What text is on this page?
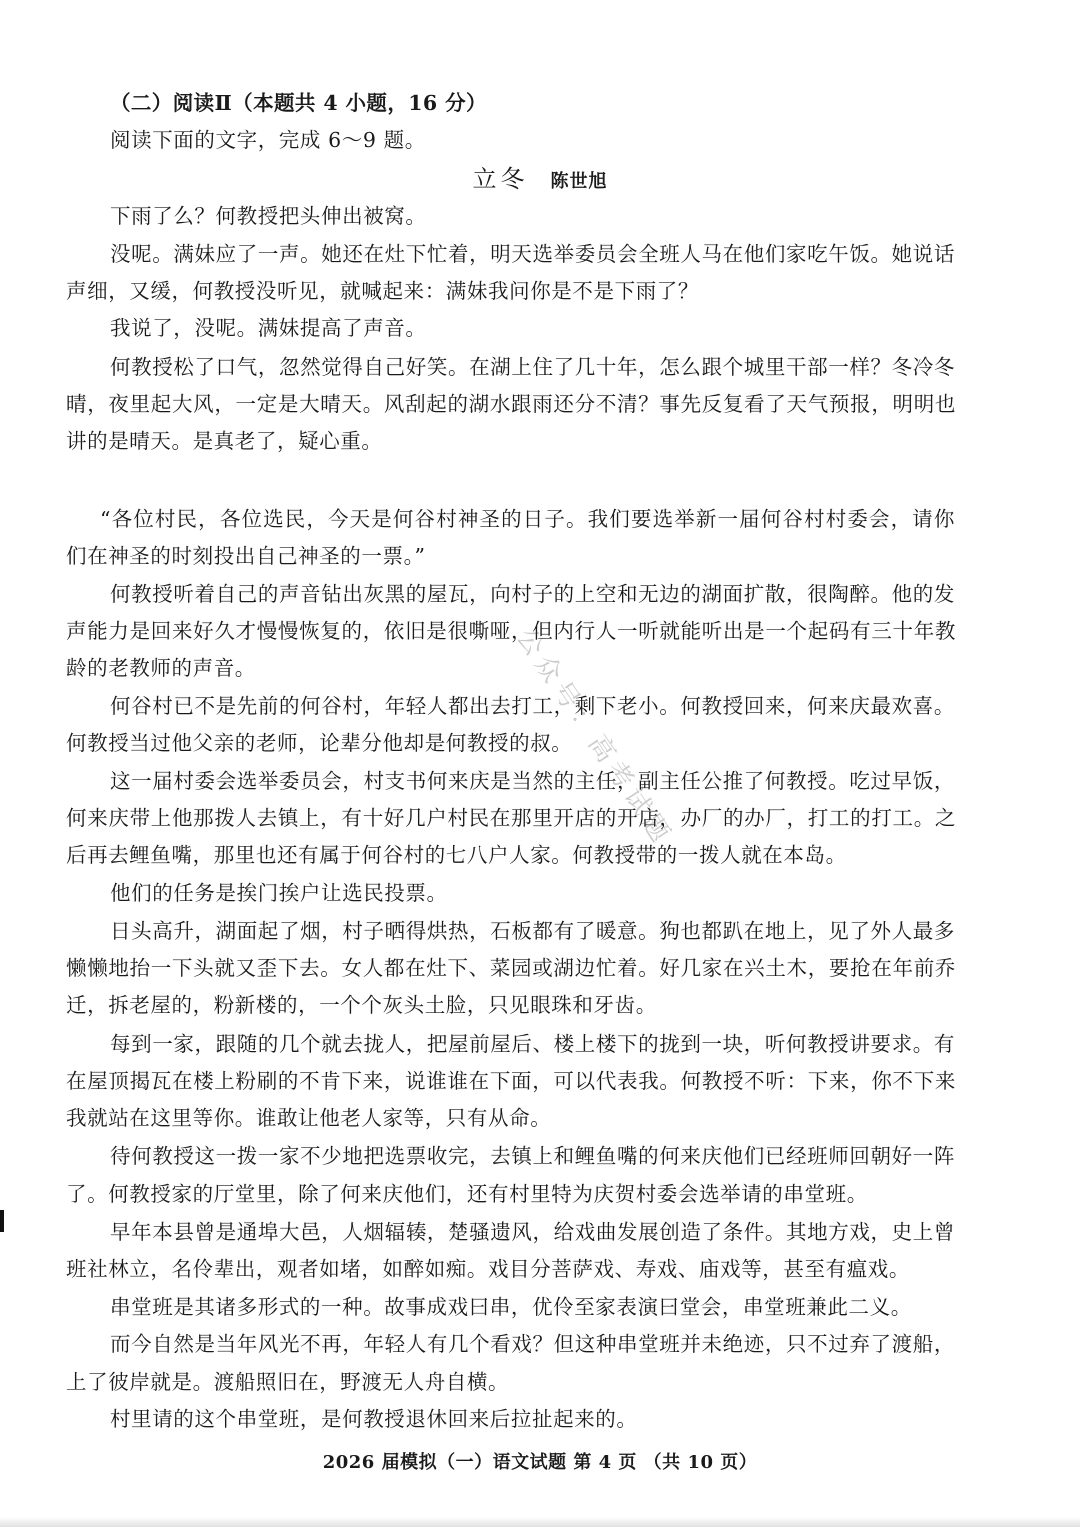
（二）阅读Ⅱ（本题共 4 小题，16 分）
阅读下面的文字，完成 6～9 题。
立冬 陈世旭
下雨了么？何教授把头伸出被窝。
没呢。满妹应了一声。她还在灶下忙着，明天选举委员会全班人马在他们家吃午饭。她说话
声细，又缓，何教授没听见，就喊起来：满妹我问你是不是下雨了？
我说了，没呢。满妹提高了声音。
何教授松了口气，忽然觉得自己好笑。在湖上住了几十年，怎么跟个城里干部一样？冬冷冬
晴，夜里起大风，一定是大晴天。风刮起的湖水跟雨还分不清？事先反复看了天气预报，明明也
讲的是晴天。是真老了，疑心重。
“各位村民，各位选民，今天是何谷村神圣的日子。我们要选举新一届何谷村村委会，请你
们在神圣的时刻投出自己神圣的一票。”
何教授听着自己的声音钻出灰黑的屋瓦，向村子的上空和无边的湖面扩散，很陶醉。他的发
声能力是回来好久才慢慢恢复的，依旧是很嘶哑，但内行人一听就能听出是一个起码有三十年教
龄的老教师的声音。
何谷村已不是先前的何谷村，年轻人都出去打工，剩下老小。何教授回来，何来庆最欢喜。
何教授当过他父亲的老师，论辈分他却是何教授的叔。
这一届村委会选举委员会，村支书何来庆是当然的主任，副主任公推了何教授。吃过早饭，
何来庆带上他那拨人去镇上，有十好几户村民在那里开店的开店，办厂的办厂，打工的打工。之
后再去鲤鱼嘴，那里也还有属于何谷村的七八户人家。何教授带的一拨人就在本岛。
他们的任务是挨门挨户让选民投票。
日头高升，湖面起了烟，村子晒得烘热，石板都有了暖意。狗也都趴在地上，见了外人最多
懒懒地抬一下头就又歪下去。女人都在灶下、菜园或湖边忙着。好几家在兴土木，要抢在年前乔
迁，拆老屋的，粉新楼的，一个个灰头土脸，只见眼珠和牙齿。
每到一家，跟随的几个就去拢人，把屋前屋后、楼上楼下的拢到一块，听何教授讲要求。有
在屋顶揭瓦在楼上粉刷的不肯下来，说谁谁在下面，可以代表我。何教授不听：下来，你不下来
我就站在这里等你。谁敢让他老人家等，只有从命。
待何教授这一拨一家不少地把选票收完，去镇上和鲤鱼嘴的何来庆他们已经班师回朝好一阵
了。何教授家的厅堂里，除了何来庆他们，还有村里特为庆贺村委会选举请的串堂班。
早年本县曾是通埠大邑，人烟辐辏，楚骚遗风，给戏曲发展创造了条件。其地方戏，史上曾
班社林立，名伶辈出，观者如堵，如醉如痴。戏目分菩萨戏、寿戏、庙戏等，甚至有瘟戏。
串堂班是其诸多形式的一种。故事成戏曰串，优伶至家表演曰堂会，串堂班兼此二义。
而今自然是当年风光不再，年轻人有几个看戏？但这种串堂班并未绝迹，只不过弃了渡船，
上了彼岸就是。渡船照旧在，野渡无人舟自横。
村里请的这个串堂班，是何教授退休回来后拉扯起来的。
2026 届模拟（一）语文试题 第 4 页 （共 10 页）
公众号：高考试题
